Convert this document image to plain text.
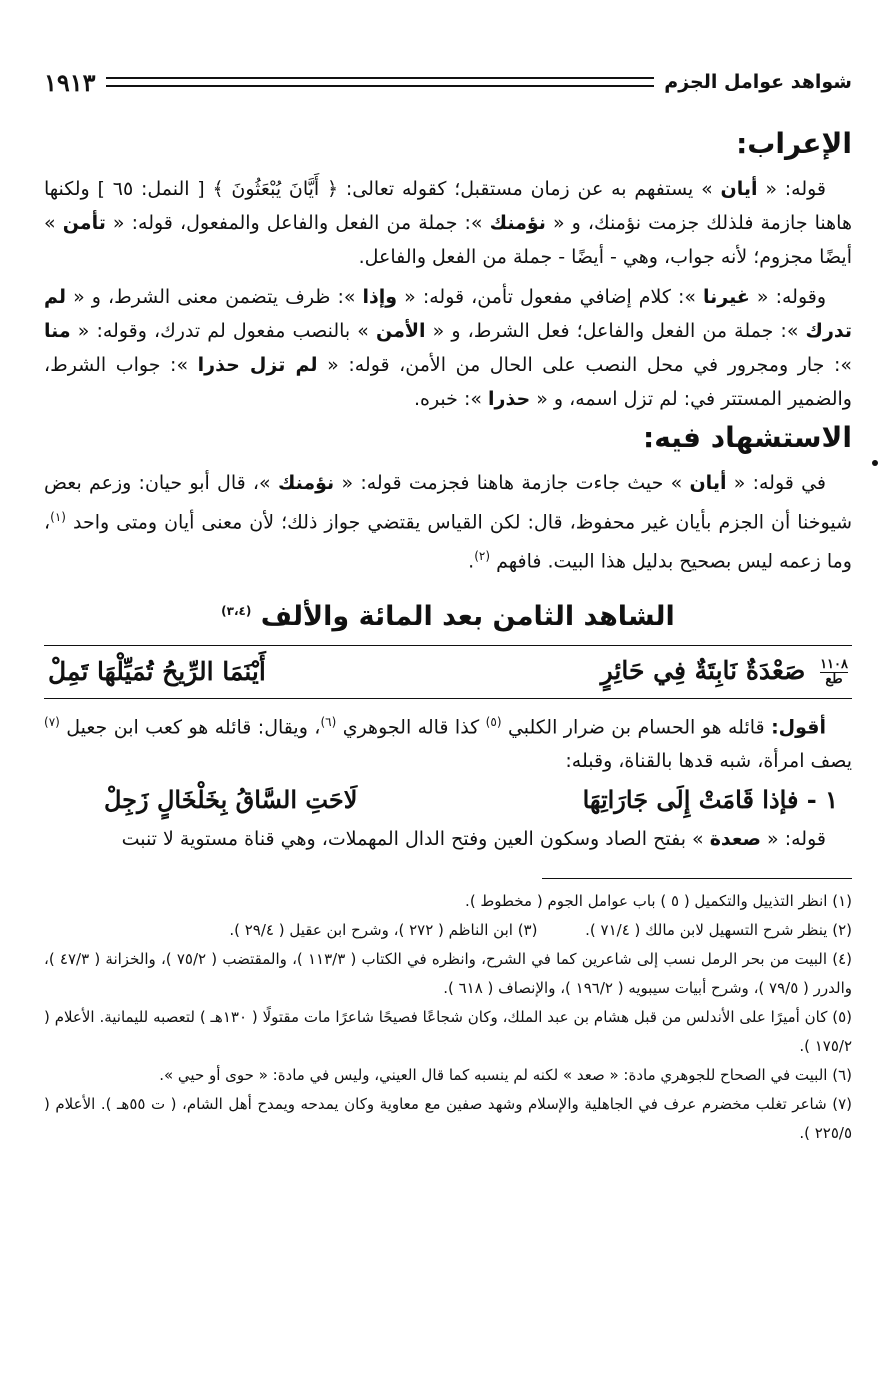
شواهد عوامل الجزم
١٩١٣
الإعراب:

قوله: « أيان » يستفهم به عن زمان مستقبل؛ كقوله تعالى: ﴿ أَيَّانَ يُبْعَثُونَ ﴾ [ النمل: ٦٥ ] ولكنها هاهنا جازمة فلذلك جزمت نؤمنك، و « نؤمنك »: جملة من الفعل والفاعل والمفعول، قوله: « تأمن » أيضًا مجزوم؛ لأنه جواب، وهي - أيضًا - جملة من الفعل والفاعل.

وقوله: « غيرنا »: كلام إضافي مفعول تأمن، قوله: « وإذا »: ظرف يتضمن معنى الشرط، و « لم تدرك »: جملة من الفعل والفاعل؛ فعل الشرط، و « الأمن » بالنصب مفعول لم تدرك، وقوله: « منا »: جار ومجرور في محل النصب على الحال من الأمن، قوله: « لم تزل حذرا »: جواب الشرط، والضمير المستتر في: لم تزل اسمه، و « حذرا »: خبره.

الاستشهاد فيه:

في قوله: « أيان » حيث جاءت جازمة هاهنا فجزمت قوله: « نؤمنك »، قال أبو حيان: وزعم بعض شيوخنا أن الجزم بأيان غير محفوظ، قال: لكن القياس يقتضي جواز ذلك؛ لأن معنى أيان ومتى واحد $^{(١)}$، وما زعمه ليس بصحيح بدليل هذا البيت. فافهم $^{(٢)}$.

الشاهد الثامن بعد المائة والألف $^{(٣،٤)}$
١١٠٨
طع
صَعْدَةٌ نَابِتَةٌ فِي حَائِرٍ
أَيْنَمَا الرِّيحُ تُمَيِّلْهَا تَمِلْ

أقول: قائله هو الحسام بن ضرار الكلبي $^{(٥)}$ كذا قاله الجوهري $^{(٦)}$، ويقال: قائله هو كعب ابن جعيل $^{(٧)}$ يصف امرأة، شبه قدها بالقناة، وقبله:

١ - فإذا قَامَتْ إِلَى جَارَاتِهَا
لَاحَتِ السَّاقُ بِخَلْخَالٍ زَجِلْ

قوله: « صعدة » بفتح الصاد وسكون العين وفتح الدال المهملات، وهي قناة مستوية لا تنبت

(١) انظر التذييل والتكميل ( ٥ ) باب عوامل الجوم ( مخطوط ).

(٢) ينظر شرح التسهيل لابن مالك ( ٧١/٤ ).          (٣) ابن الناظم ( ٢٧٢ )، وشرح ابن عقيل ( ٢٩/٤ ).

(٤) البيت من بحر الرمل نسب إلى شاعرين كما في الشرح، وانظره في الكتاب ( ١١٣/٣ )، والمقتضب ( ٧٥/٢ )، والخزانة ( ٤٧/٣ )، والدرر ( ٧٩/٥ )، وشرح أبيات سيبويه ( ١٩٦/٢ )، والإنصاف ( ٦١٨ ).

(٥) كان أميرًا على الأندلس من قبل هشام بن عبد الملك، وكان شجاعًا فصيحًا شاعرًا مات مقتولًا ( ١٣٠هـ ) لتعصبه لليمانية. الأعلام ( ١٧٥/٢ ).

(٦) البيت في الصحاح للجوهري مادة: « صعد » لكنه لم ينسبه كما قال العيني، وليس في مادة: « حوى أو حيي ».

(٧) شاعر تغلب مخضرم عرف في الجاهلية والإسلام وشهد صفين مع معاوية وكان يمدحه ويمدح أهل الشام، ( ت ٥٥هـ ). الأعلام ( ٢٢٥/٥ ).
